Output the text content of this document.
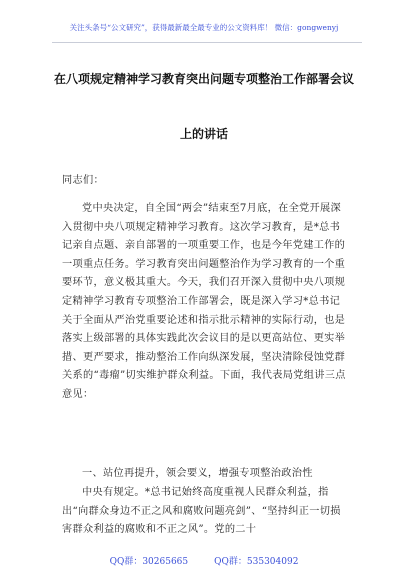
关注头条号“公文研究”，获得最新最全最专业的公文资料库！ 微信：gongwenyj
在八项规定精神学习教育突出问题专项整治工作部署会议
上的讲话
同志们：
党中央决定，自全国“两会”结束至7月底，在全党开展深入贯彻中央八项规定精神学习教育。这次学习教育，是*总书记亲自点题、亲自部署的一项重要工作，也是今年党建工作的一项重点任务。学习教育突出问题整治作为学习教育的一个重要环节，意义极其重大。今天，我们召开深入贯彻中央八项规定精神学习教育专项整治工作部署会，既是深入学习*总书记关于全面从严治党重要论述和指示批示精神的实际行动，也是落实上级部署的具体实践此次会议目的是以更高站位、更实举措、更严要求，推动整治工作向纵深发展，坚决清除侵蚀党群关系的“毒瘤”切实维护群众利益。下面，我代表局党组讲三点意见：
一、站位再提升，领会要义，增强专项整治政治性
中央有规定。*总书记始终高度重视人民群众利益，指出“向群众身边不正之风和腐败问题亮剑”、“坚持纠正一切损害群众利益的腐败和不正之风”。党的二十
QQ群：30265665	QQ群：535304092
